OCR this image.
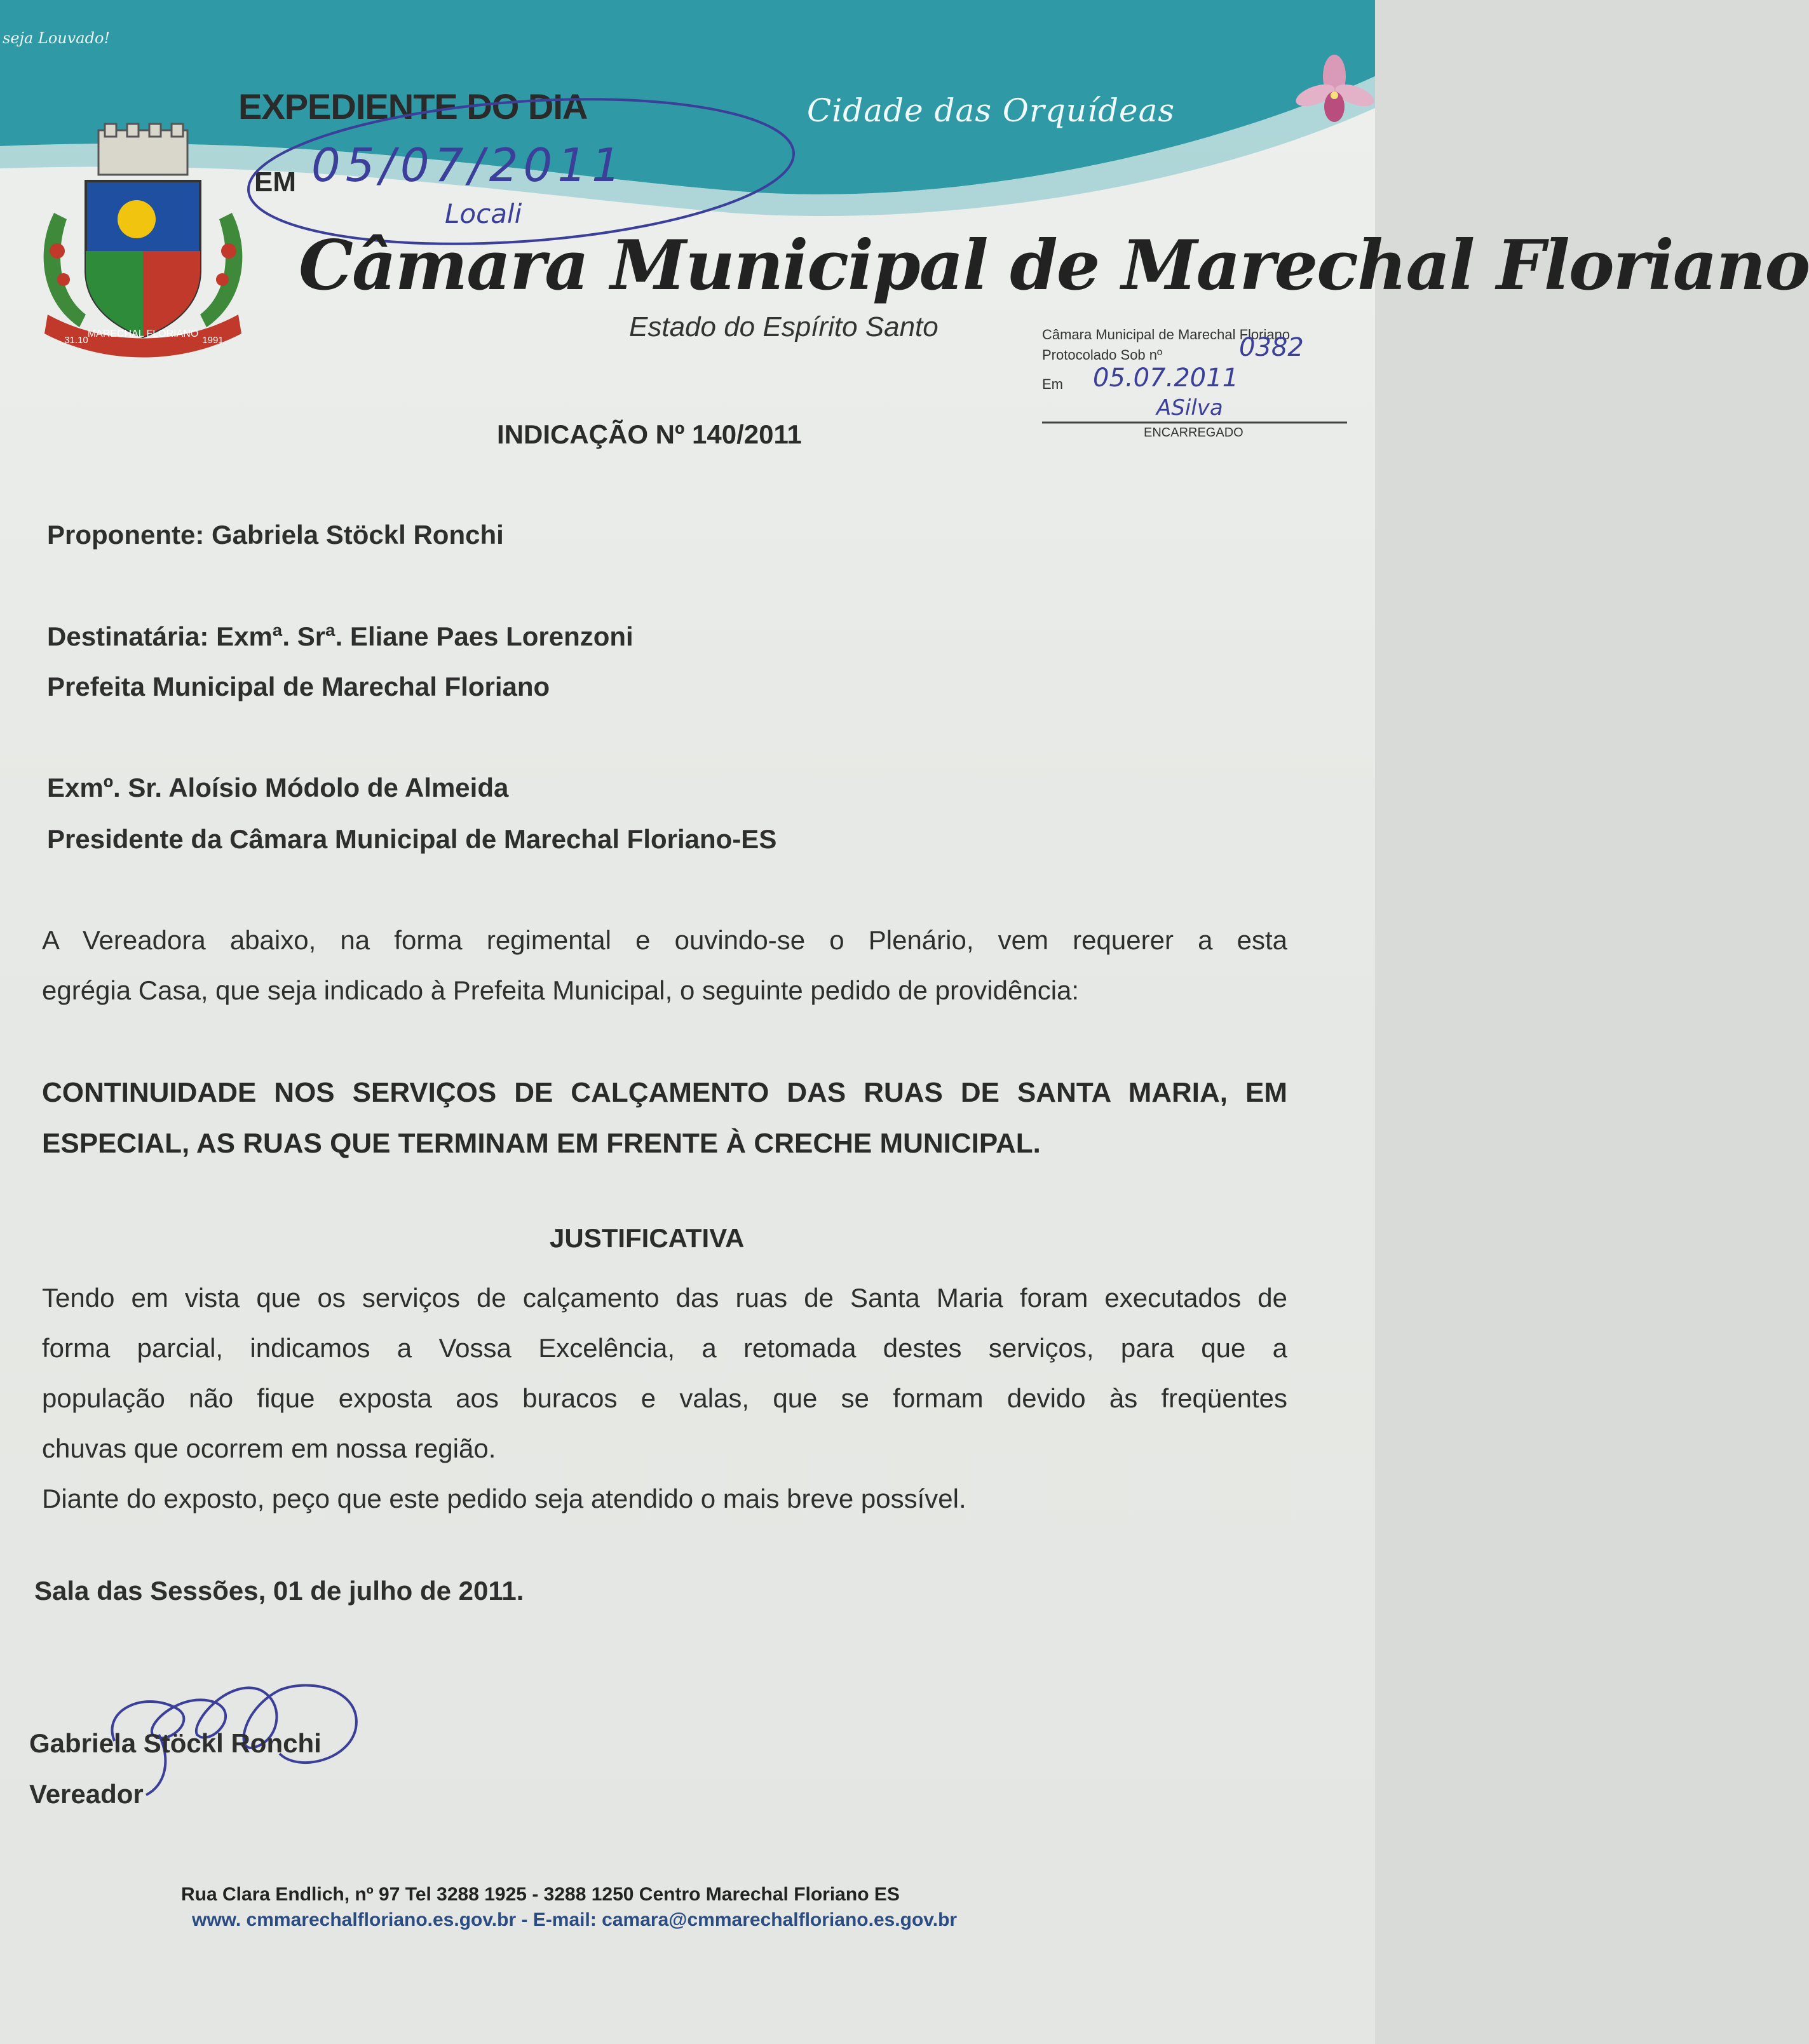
seja Louvado!
Cidade das Orquídeas
MARECHAL FLORIANO
31.10	1991
EXPEDIENTE DO DIA
EM 05/07/2011
Locali
Câmara Municipal de Marechal Floriano
Estado do Espírito Santo	Câmara Municipal de Marechal Floriano
Protocolado Sob nº	0382
Em 05.07.2011
ENCARREGADO
ASilva
INDICAÇÃO Nº 140/2011
Proponente: Gabriela Stöckl Ronchi
Destinatária: Exmª. Srª. Eliane Paes Lorenzoni
Prefeita Municipal de Marechal Floriano
Exmº. Sr. Aloísio Módolo de Almeida
Presidente da Câmara Municipal de Marechal Floriano-ES
A Vereadora abaixo, na forma regimental e ouvindo-se o Plenário, vem requerer a esta
egrégia Casa, que seja indicado à Prefeita Municipal, o seguinte pedido de providência:
CONTINUIDADE NOS SERVIÇOS DE CALÇAMENTO DAS RUAS DE SANTA MARIA, EM
ESPECIAL, AS RUAS QUE TERMINAM EM FRENTE À CRECHE MUNICIPAL.
JUSTIFICATIVA
Tendo em vista que os serviços de calçamento das ruas de Santa Maria foram executados de
forma parcial, indicamos a Vossa Excelência, a retomada destes serviços, para que a
população não fique exposta aos buracos e valas, que se formam devido às freqüentes
chuvas que ocorrem em nossa região.
Diante do exposto, peço que este pedido seja atendido o mais breve possível.
Sala das Sessões, 01 de julho de 2011.
Gabriela Stöckl Ronchi
Vereador
Rua Clara Endlich, nº 97 Tel 3288 1925 - 3288 1250 Centro Marechal Floriano ES
www. cmmarechalfloriano.es.gov.br - E-mail: camara@cmmarechalfloriano.es.gov.br
